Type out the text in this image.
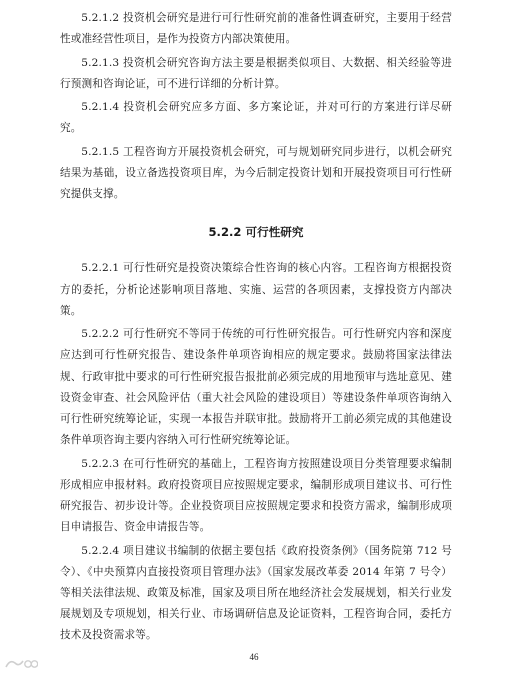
5.2.1.2 投资机会研究是进行可行性研究前的准备性调查研究，主要用于经营性或准经营性项目，是作为投资方内部决策使用。

5.2.1.3 投资机会研究咨询方法主要是根据类似项目、大数据、相关经验等进行预测和咨询论证，可不进行详细的分析计算。

5.2.1.4 投资机会研究应多方面、多方案论证，并对可行的方案进行详尽研究。

5.2.1.5 工程咨询方开展投资机会研究，可与规划研究同步进行，以机会研究结果为基础，设立备选投资项目库，为今后制定投资计划和开展投资项目可行性研究提供支撑。

5.2.2 可行性研究

5.2.2.1 可行性研究是投资决策综合性咨询的核心内容。工程咨询方根据投资方的委托，分析论述影响项目落地、实施、运营的各项因素，支撑投资方内部决策。

5.2.2.2 可行性研究不等同于传统的可行性研究报告。可行性研究内容和深度应达到可行性研究报告、建设条件单项咨询相应的规定要求。鼓励将国家法律法规、行政审批中要求的可行性研究报告报批前必须完成的用地预审与选址意见、建设资金审查、社会风险评估（重大社会风险的建设项目）等建设条件单项咨询纳入可行性研究统筹论证，实现一本报告并联审批。鼓励将开工前必须完成的其他建设条件单项咨询主要内容纳入可行性研究统筹论证。

5.2.2.3 在可行性研究的基础上，工程咨询方按照建设项目分类管理要求编制形成相应申报材料。政府投资项目应按照规定要求，编制形成项目建议书、可行性研究报告、初步设计等。企业投资项目应按照规定要求和投资方需求，编制形成项目申请报告、资金申请报告等。

5.2.2.4 项目建议书编制的依据主要包括《政府投资条例》（国务院第 712 号令）、《中央预算内直接投资项目管理办法》（国家发展改革委 2014 年第 7 号令）等相关法律法规、政策及标准，国家及项目所在地经济社会发展规划，相关行业发展规划及专项规划，相关行业、市场调研信息及论证资料，工程咨询合同，委托方技术及投资需求等。

46
